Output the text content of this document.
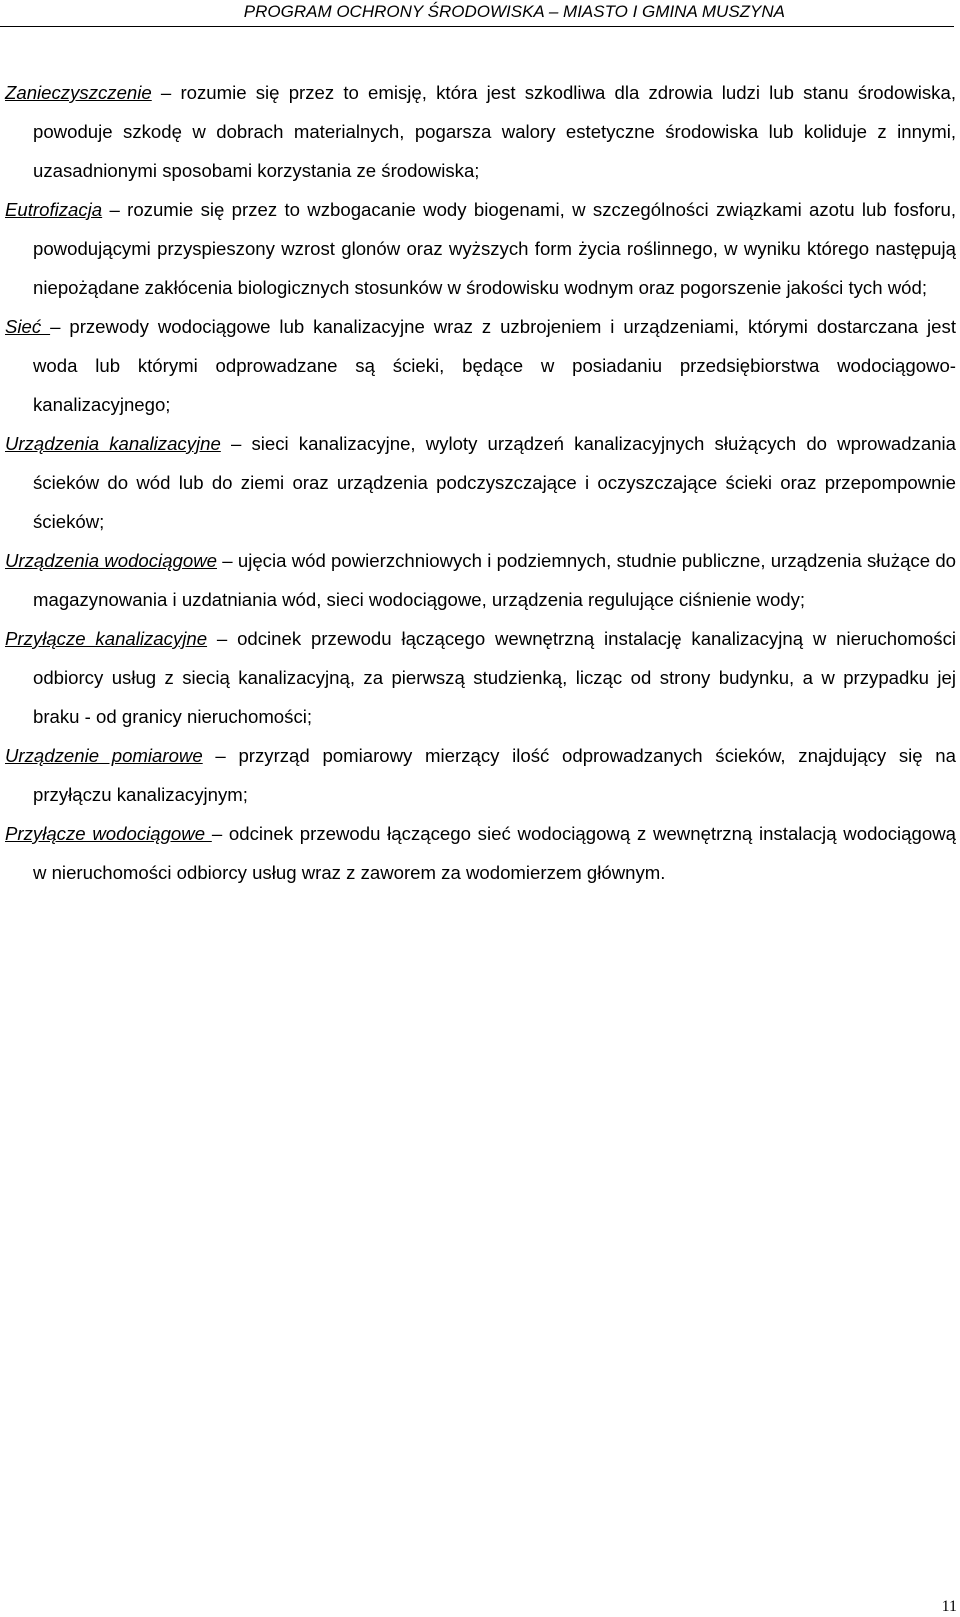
PROGRAM OCHRONY ŚRODOWISKA – MIASTO I GMINA MUSZYNA

Zanieczyszczenie – rozumie się przez to emisję, która jest szkodliwa dla zdrowia ludzi lub stanu środowiska, powoduje szkodę w dobrach materialnych, pogarsza walory estetyczne środowiska lub koliduje z innymi, uzasadnionymi sposobami korzystania ze środowiska;

Eutrofizacja – rozumie się przez to wzbogacanie wody biogenami, w szczególności związkami azotu lub fosforu, powodującymi przyspieszony wzrost glonów oraz wyższych form życia roślinnego, w wyniku którego następują niepożądane zakłócenia biologicznych stosunków w środowisku wodnym oraz pogorszenie jakości tych wód;

Sieć – przewody wodociągowe lub kanalizacyjne wraz z uzbrojeniem i urządzeniami, którymi dostarczana jest woda lub którymi odprowadzane są ścieki, będące w posiadaniu przedsiębiorstwa wodociągowo-kanalizacyjnego;

Urządzenia kanalizacyjne – sieci kanalizacyjne, wyloty urządzeń kanalizacyjnych służących do wprowadzania ścieków do wód lub do ziemi oraz urządzenia podczyszczające i oczyszczające ścieki oraz przepompownie ścieków;

Urządzenia wodociągowe – ujęcia wód powierzchniowych i podziemnych, studnie publiczne, urządzenia służące do magazynowania i uzdatniania wód, sieci wodociągowe, urządzenia regulujące ciśnienie wody;

Przyłącze kanalizacyjne – odcinek przewodu łączącego wewnętrzną instalację kanalizacyjną w nieruchomości odbiorcy usług z siecią kanalizacyjną, za pierwszą studzienką, licząc od strony budynku, a w przypadku jej braku - od granicy nieruchomości;

Urządzenie pomiarowe – przyrząd pomiarowy mierzący ilość odprowadzanych ścieków, znajdujący się na przyłączu kanalizacyjnym;

Przyłącze wodociągowe – odcinek przewodu łączącego sieć wodociągową z wewnętrzną instalacją wodociągową w nieruchomości odbiorcy usług wraz z zaworem za wodomierzem głównym.

11
